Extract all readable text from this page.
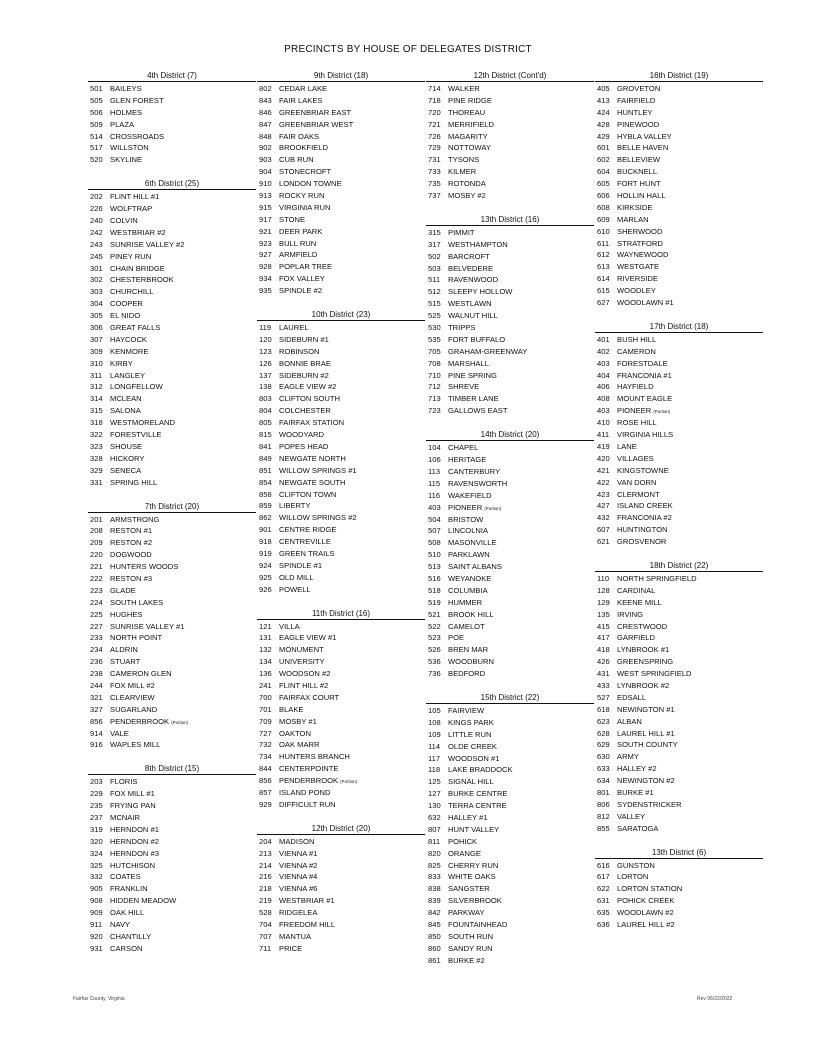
PRECINCTS BY HOUSE OF DELEGATES DISTRICT
4th District (7)
501 BAILEYS
505 GLEN FOREST
506 HOLMES
509 PLAZA
514 CROSSROADS
517 WILLSTON
520 SKYLINE
6th District (25)
202 FLINT HILL #1
226 WOLFTRAP
240 COLVIN
242 WESTBRIAR #2
243 SUNRISE VALLEY #2
245 PINEY RUN
301 CHAIN BRIDGE
302 CHESTERBROOK
303 CHURCHILL
304 COOPER
305 EL NIDO
306 GREAT FALLS
307 HAYCOCK
309 KENMORE
310 KIRBY
311	LANGLEY
312 LONGFELLOW
314 MCLEAN
315 SALONA
318 WESTMORELAND
322 FORESTVILLE
323 SHOUSE
328 HICKORY
329 SENECA
331 SPRING HILL
7th District (20)
201 ARMSTRONG
208 RESTON #1
209 RESTON #2
220 DOGWOOD
221 HUNTERS WOODS
222 RESTON #3
223 GLADE
224 SOUTH LAKES
225 HUGHES
227 SUNRISE VALLEY #1
233 NORTH POINT
234 ALDRIN
236 STUART
238 CAMERON GLEN
244 FOX MILL #2
321 CLEARVIEW
327 SUGARLAND
856 PENDERBROOK (Portion)
914 VALE
916 WAPLES MILL
8th District (15)
203 FLORIS
229 FOX MILL #1
235 FRYING PAN
237 MCNAIR
319 HERNDON #1
320 HERNDON #2
324 HERNDON #3
325 HUTCHISON
332 COATES
905 FRANKLIN
908 HIDDEN MEADOW
909 OAK HILL
911	NAVY
920 CHANTILLY
931 CARSON
9th District (18)
802 CEDAR LAKE
843 FAIR LAKES
846 GREENBRIAR EAST
847 GREENBRIAR WEST
848 FAIR OAKS
902 BROOKFIELD
903 CUB RUN
904 STONECROFT
910 LONDON TOWNE
913 ROCKY RUN
915 VIRGINIA RUN
917 STONE
921 DEER PARK
923 BULL RUN
927 ARMFIELD
928 POPLAR TREE
934 FOX VALLEY
935 SPINDLE #2
10th District (23)
119	LAUREL
120 SIDEBURN #1
123 ROBINSON
126 BONNIE BRAE
137 SIDEBURN #2
138 EAGLE VIEW #2
803 CLIFTON SOUTH
804 COLCHESTER
805 FAIRFAX STATION
815 WOODYARD
841 POPES HEAD
849 NEWGATE NORTH
851 WILLOW SPRINGS #1
854 NEWGATE SOUTH
858 CLIFTON TOWN
859 LIBERTY
862 WILLOW SPRINGS #2
901 CENTRE RIDGE
918 CENTREVILLE
919 GREEN TRAILS
924 SPINDLE #1
925 OLD MILL
926 POWELL
11th District (16)
121 VILLA
131 EAGLE VIEW #1
132 MONUMENT
134 UNIVERSITY
136 WOODSON #2
241 FLINT HILL #2
700 FAIRFAX COURT
701 BLAKE
709 MOSBY #1
727 OAKTON
732 OAK MARR
734 HUNTERS BRANCH
844 CENTERPOINTE
856 PENDERBROOK (Portion)
857 ISLAND POND
929 DIFFICULT RUN
12th District (20)
204 MADISON
213 VIENNA #1
214 VIENNA #2
216 VIENNA #4
218 VIENNA #6
219 WESTBRIAR #1
528 RIDGELEA
704 FREEDOM HILL
707 MANTUA
711	PRICE
12th District (Cont'd)
714 WALKER
718 PINE RIDGE
720 THOREAU
721 MERRIFIELD
726 MAGARITY
729 NOTTOWAY
731 TYSONS
733 KILMER
735 ROTONDA
737 MOSBY #2
13th District (16)
315 PIMMIT
317 WESTHAMPTON
502 BARCROFT
503 BELVEDERE
511	RAVENWOOD
512 SLEEPY HOLLOW
515 WESTLAWN
525 WALNUT HILL
530 TRIPPS
535 FORT BUFFALO
705 GRAHAM-GREENWAY
708 MARSHALL
710 PINE SPRING
712 SHREVE
713 TIMBER LANE
723 GALLOWS EAST
14th District (20)
104 CHAPEL
106 HERITAGE
113	CANTERBURY
115	RAVENSWORTH
116	WAKEFIELD
403 PIONEER (Portion)
504 BRISTOW
507 LINCOLNIA
508 MASONVILLE
510 PARKLAWN
513 SAINT ALBANS
516 WEYANOKE
518 COLUMBIA
519 HUMMER
521 BROOK HILL
522 CAMELOT
523 POE
526 BREN MAR
536 WOODBURN
736 BEDFORD
15th District (22)
105 FAIRVIEW
108 KINGS PARK
109 LITTLE RUN
114	OLDE CREEK
117	WOODSON #1
118	LAKE BRADDOCK
125 SIGNAL HILL
127 BURKE CENTRE
130 TERRA CENTRE
632 HALLEY #1
807 HUNT VALLEY
811	POHICK
820 ORANGE
825 CHERRY RUN
833 WHITE OAKS
838 SANGSTER
839 SILVERBROOK
842 PARKWAY
845 FOUNTAINHEAD
850 SOUTH RUN
860 SANDY RUN
861 BURKE #2
16th District (19)
405 GROVETON
413 FAIRFIELD
424 HUNTLEY
428 PINEWOOD
429 HYBLA VALLEY
601 BELLE HAVEN
602 BELLEVIEW
604 BUCKNELL
605 FORT HUNT
606 HOLLIN HALL
608 KIRKSIDE
609 MARLAN
610 SHERWOOD
611	STRATFORD
612 WAYNEWOOD
613 WESTGATE
614 RIVERSIDE
615 WOODLEY
627 WOODLAWN #1
17th District (18)
401 BUSH HILL
402 CAMERON
403 FORESTDALE
404 FRANCONIA #1
406 HAYFIELD
408 MOUNT EAGLE
403 PIONEER (Portion)
410 ROSE HILL
411	VIRGINIA HILLS
419 LANE
420 VILLAGES
421 KINGSTOWNE
422 VAN DORN
423 CLERMONT
427 ISLAND CREEK
432 FRANCONIA #2
607 HUNTINGTON
621 GROSVENOR
18th District (22)
110	NORTH SPRINGFIELD
128 CARDINAL
129 KEENE MILL
135 IRVING
415 CRESTWOOD
417 GARFIELD
418 LYNBROOK #1
426 GREENSPRING
431 WEST SPRINGFIELD
433 LYNBROOK #2
527 EDSALL
618 NEWINGTON #1
623 ALBAN
628 LAUREL HILL #1
629 SOUTH COUNTY
630 ARMY
633 HALLEY #2
634 NEWINGTON #2
801 BURKE #1
806 SYDENSTRICKER
812 VALLEY
855 SARATOGA
13th District (6)
616 GUNSTON
617 LORTON
622 LORTON STATION
631 POHICK CREEK
635 WOODLAWN #2
636 LAUREL HILL #2
Fairfax County, Virginia	Rev 06/22/2022
